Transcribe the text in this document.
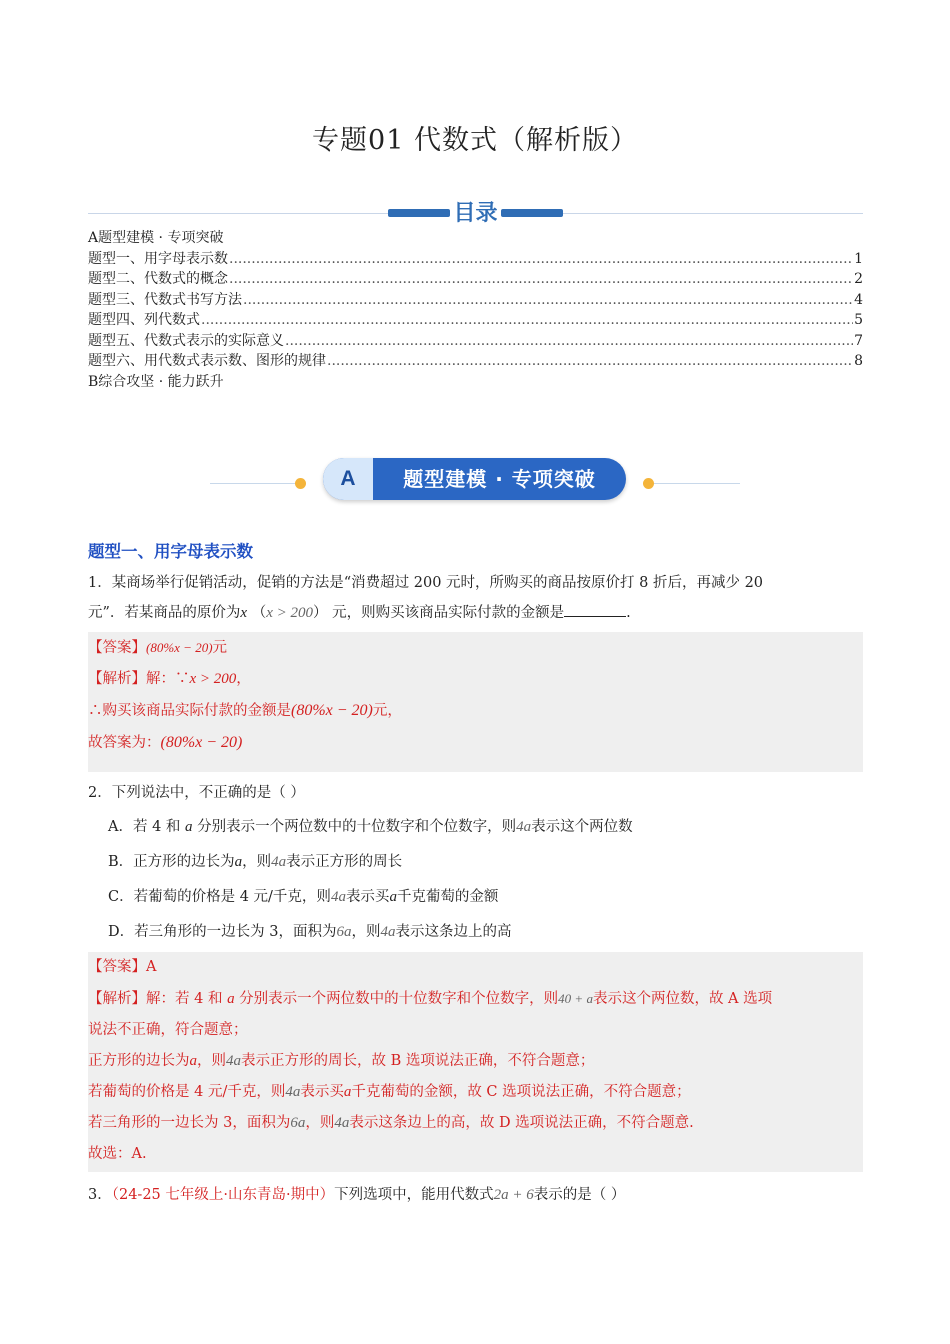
专题01 代数式（解析版）
目录
A题型建模 · 专项突破
题型一、用字母表示数 .....	1
题型二、代数式的概念 .....	2
题型三、代数式书写方法 .....	4
题型四、列代数式 .....	5
题型五、代数式表示的实际意义 .....	7
题型六、用代数式表示数、图形的规律 .....	8
B综合攻坚 · 能力跃升
A	题型建模 · 专项突破
题型一、用字母表示数
1．某商场举行促销活动，促销的方法是“消费超过 200 元时，所购买的商品按原价打 8 折后，再减少 20
元”．若某商品的原价为x （x > 200） 元，则购买该商品实际付款的金额是	.
【答案】(80%x − 20)元
【解析】解：∵x > 200，
∴购买该商品实际付款的金额是(80%x − 20)元，
故答案为：(80%x − 20)
2．下列说法中，不正确的是（ ）
A．若 4 和 a 分别表示一个两位数中的十位数字和个位数字，则4a表示这个两位数
B．正方形的边长为a，则4a表示正方形的周长
C．若葡萄的价格是 4 元/千克，则4a表示买a千克葡萄的金额
D．若三角形的一边长为 3，面积为6a，则4a表示这条边上的高
【答案】A
【解析】解：若 4 和 a 分别表示一个两位数中的十位数字和个位数字，则40 + a表示这个两位数，故 A 选项
说法不正确，符合题意；
正方形的边长为a，则4a表示正方形的周长，故 B 选项说法正确，不符合题意；
若葡萄的价格是 4 元/千克，则4a表示买a千克葡萄的金额，故 C 选项说法正确，不符合题意；
若三角形的一边长为 3，面积为6a，则4a表示这条边上的高，故 D 选项说法正确，不符合题意.
故选：A.
3．（24-25 七年级上·山东青岛·期中）下列选项中，能用代数式2a + 6表示的是（ ）
